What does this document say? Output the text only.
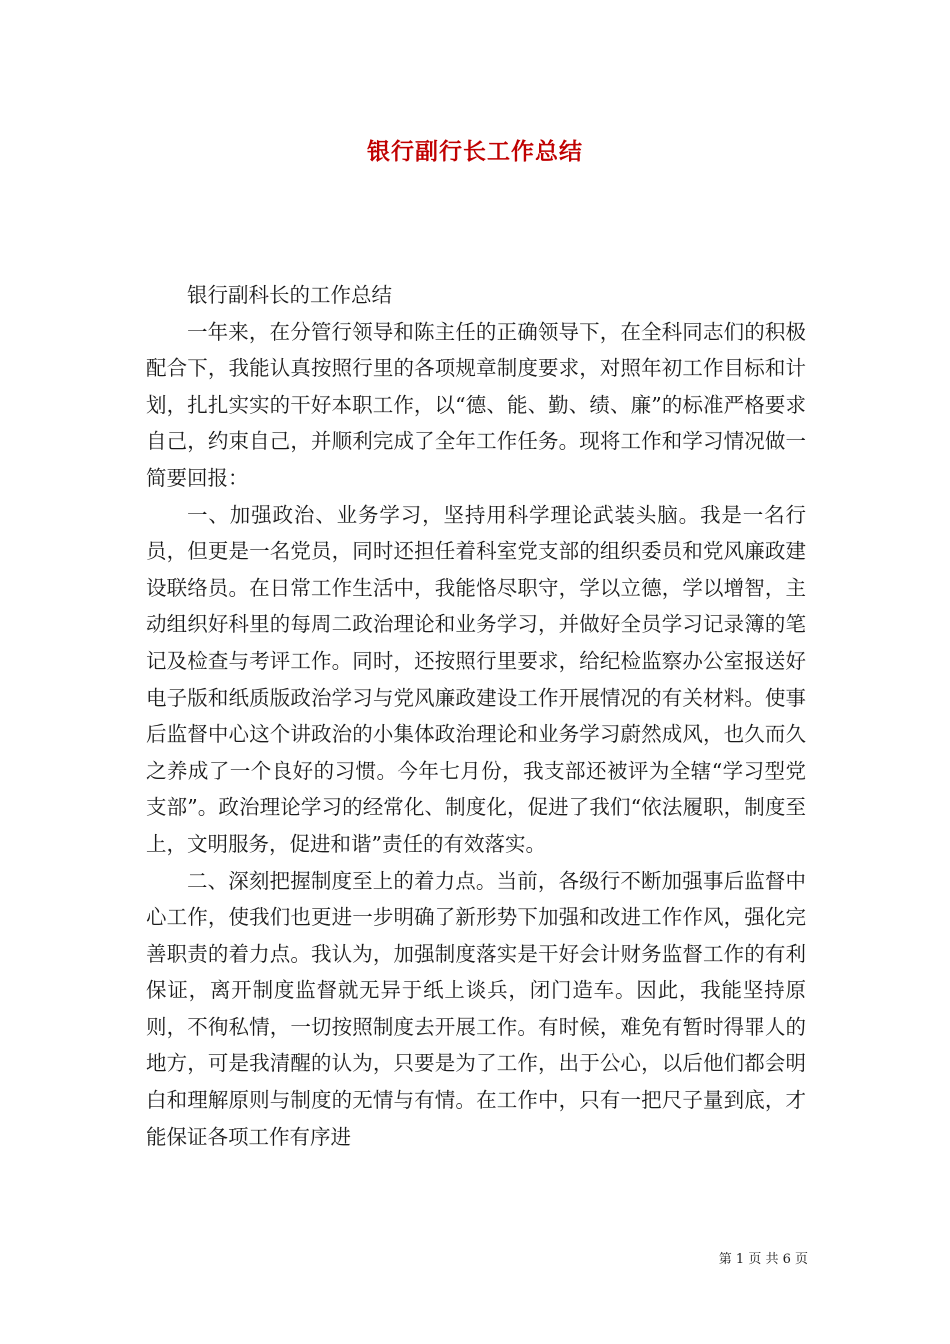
银行副行长工作总结

银行副科长的工作总结

一年来，在分管行领导和陈主任的正确领导下，在全科同志们的积极配合下，我能认真按照行里的各项规章制度要求，对照年初工作目标和计划，扎扎实实的干好本职工作，以“德、能、勤、绩、廉”的标准严格要求自己，约束自己，并顺利完成了全年工作任务。现将工作和学习情况做一简要回报：

一、加强政治、业务学习，坚持用科学理论武装头脑。我是一名行员，但更是一名党员，同时还担任着科室党支部的组织委员和党风廉政建设联络员。在日常工作生活中，我能恪尽职守，学以立德，学以增智，主动组织好科里的每周二政治理论和业务学习，并做好全员学习记录簿的笔记及检查与考评工作。同时，还按照行里要求，给纪检监察办公室报送好电子版和纸质版政治学习与党风廉政建设工作开展情况的有关材料。使事后监督中心这个讲政治的小集体政治理论和业务学习蔚然成风，也久而久之养成了一个良好的习惯。今年七月份，我支部还被评为全辖“学习型党支部”。政治理论学习的经常化、制度化，促进了我们“依法履职，制度至上，文明服务，促进和谐”责任的有效落实。

二、深刻把握制度至上的着力点。当前，各级行不断加强事后监督中心工作，使我们也更进一步明确了新形势下加强和改进工作作风，强化完善职责的着力点。我认为，加强制度落实是干好会计财务监督工作的有利保证，离开制度监督就无异于纸上谈兵，闭门造车。因此，我能坚持原则，不徇私情，一切按照制度去开展工作。有时候，难免有暂时得罪人的地方，可是我清醒的认为，只要是为了工作，出于公心，以后他们都会明白和理解原则与制度的无情与有情。在工作中，只有一把尺子量到底，才能保证各项工作有序进

第 1 页 共 6 页
